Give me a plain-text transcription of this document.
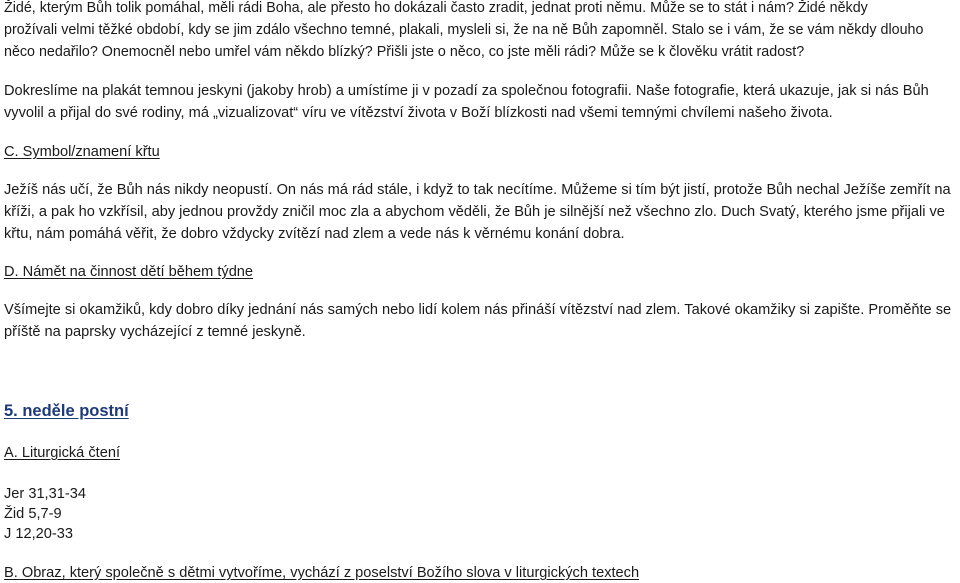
Židé, kterým Bůh tolik pomáhal, měli rádi Boha, ale přesto ho dokázali často zradit, jednat proti němu. Může se to stát i nám? Židé někdy
prožívali velmi těžké období, kdy se jim zdálo všechno temné, plakali, mysleli si, že na ně Bůh zapomněl. Stalo se i vám, že se vám někdy dlouho
něco nedařilo? Onemocněl nebo umřel vám někdo blízký? Přišli jste o něco, co jste měli rádi? Může se k člověku vrátit radost?
Dokreslíme na plakát temnou jeskyni (jakoby hrob) a umístíme ji v pozadí za společnou fotografii. Naše fotografie, která ukazuje, jak si nás Bůh
vyvolil a přijal do své rodiny, má „vizualizovat“ víru ve vítězství života v Boží blízkosti nad všemi temnými chvílemi našeho života.
C. Symbol/znamení křtu
Ježíš nás učí, že Bůh nás nikdy neopustí. On nás má rád stále, i když to tak necítíme. Můžeme si tím být jistí, protože Bůh nechal Ježíše zemřít na
kříži, a pak ho vzkřísil, aby jednou provždy zničil moc zla a abychom věděli, že Bůh je silnější než všechno zlo. Duch Svatý, kterého jsme přijali ve
křtu, nám pomáhá věřit, že dobro vždycky zvítězí nad zlem a vede nás k věrnému konání dobra.
D. Námět na činnost dětí během týdne
Všímejte si okamžiků, kdy dobro díky jednání nás samých nebo lidí kolem nás přináší vítězství nad zlem. Takové okamžiky si zapište. Proměňte se
příště na paprsky vycházející z temné jeskyně.
5. neděle postní
A. Liturgická čtení
Jer 31,31-34
Žid 5,7-9
J 12,20-33
B. Obraz, který společně s dětmi vytvoříme, vychází z poselství Božího slova v liturgických textech
